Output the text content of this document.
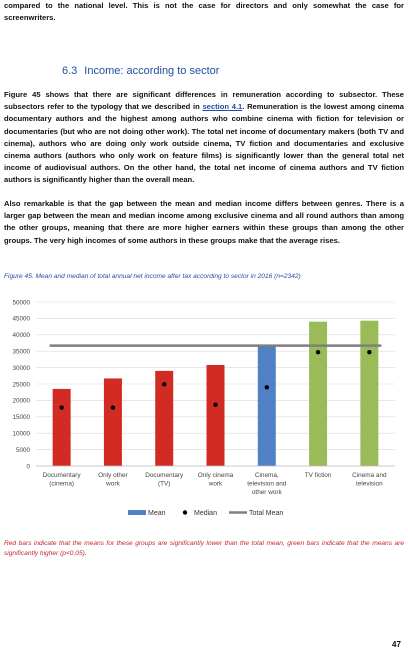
compared to the national level. This is not the case for directors and only somewhat the case for screenwriters.

6.3 Income: according to sector

Figure 45 shows that there are significant differences in remuneration according to subsector. These subsectors refer to the typology that we described in section 4.1. Remuneration is the lowest among cinema documentary authors and the highest among authors who combine cinema with fiction for television or documentaries (but who are not doing other work). The total net income of documentary makers (both TV and cinema), authors who are doing only work outside cinema, TV fiction and documentaries and exclusive cinema authors (authors who only work on feature films) is significantly lower than the general total net income of audiovisual authors. On the other hand, the total net income of cinema authors and TV fiction authors is significantly higher than the overall mean.

Also remarkable is that the gap between the mean and median income differs between genres. There is a larger gap between the mean and median income among exclusive cinema and all round authors than among the other groups, meaning that there are more higher earners within these groups than among the other groups. The very high incomes of some authors in these groups make that the average rises.

Figure 45. Mean and median of total annual net income after tax according to sector in 2016 (n=2342)

0
5000
10000
15000
20000
25000
30000
35000
40000
45000
50000
Documentary (cinema)
Only other work
Documentary (TV)
Only cinema work
Cinema, television and other work
TV fiction	Cinema and television
Mean	Median	Total Mean

Red bars indicate that the means for these groups are significantly lower than the total mean, green bars indicate that the means are significantly higher (p<0,05).

47
